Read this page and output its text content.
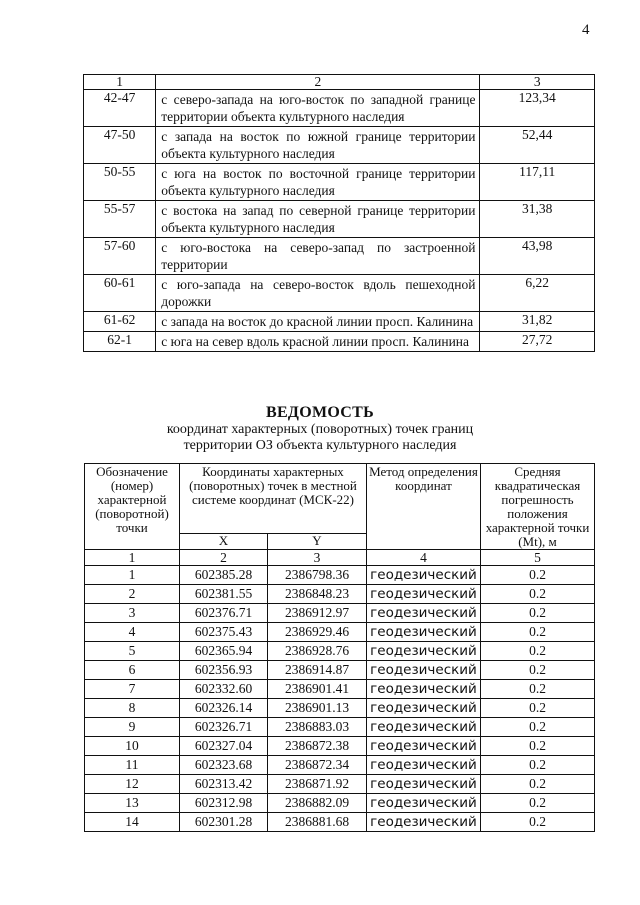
4
1	2	3
42-47	с северо-запада на юго-восток по западной границе территории объекта культурного наследия	123,34
47-50	с запада на восток по южной границе территории объекта культурного наследия	52,44
50-55	с юга на восток по восточной границе территории объекта культурного наследия	117,11
55-57	с востока на запад по северной границе территории объекта культурного наследия	31,38
57-60	с юго-востока на северо-запад по застроенной территории	43,98
60-61	с юго-запада на северо-восток вдоль пешеходной дорожки	6,22
61-62	с запада на восток до красной линии просп. Калинина	31,82
62-1	с юга на север вдоль красной линии просп. Калинина	27,72
ВЕДОМОСТЬ
координат характерных (поворотных) точек границ
территории ОЗ объекта культурного наследия
Обозначение (номер) характерной (поворотной) точки	Координаты характерных (поворотных) точек в местной системе координат (МСК-22)		Метод определения координат	Средняя квадратическая погрешность положения характерной точки (Mt), м
	X	Y		
1	2	3	4	5
1	602385.28	2386798.36	геодезический	0.2
2	602381.55	2386848.23	геодезический	0.2
3	602376.71	2386912.97	геодезический	0.2
4	602375.43	2386929.46	геодезический	0.2
5	602365.94	2386928.76	геодезический	0.2
6	602356.93	2386914.87	геодезический	0.2
7	602332.60	2386901.41	геодезический	0.2
8	602326.14	2386901.13	геодезический	0.2
9	602326.71	2386883.03	геодезический	0.2
10	602327.04	2386872.38	геодезический	0.2
11	602323.68	2386872.34	геодезический	0.2
12	602313.42	2386871.92	геодезический	0.2
13	602312.98	2386882.09	геодезический	0.2
14	602301.28	2386881.68	геодезический	0.2
